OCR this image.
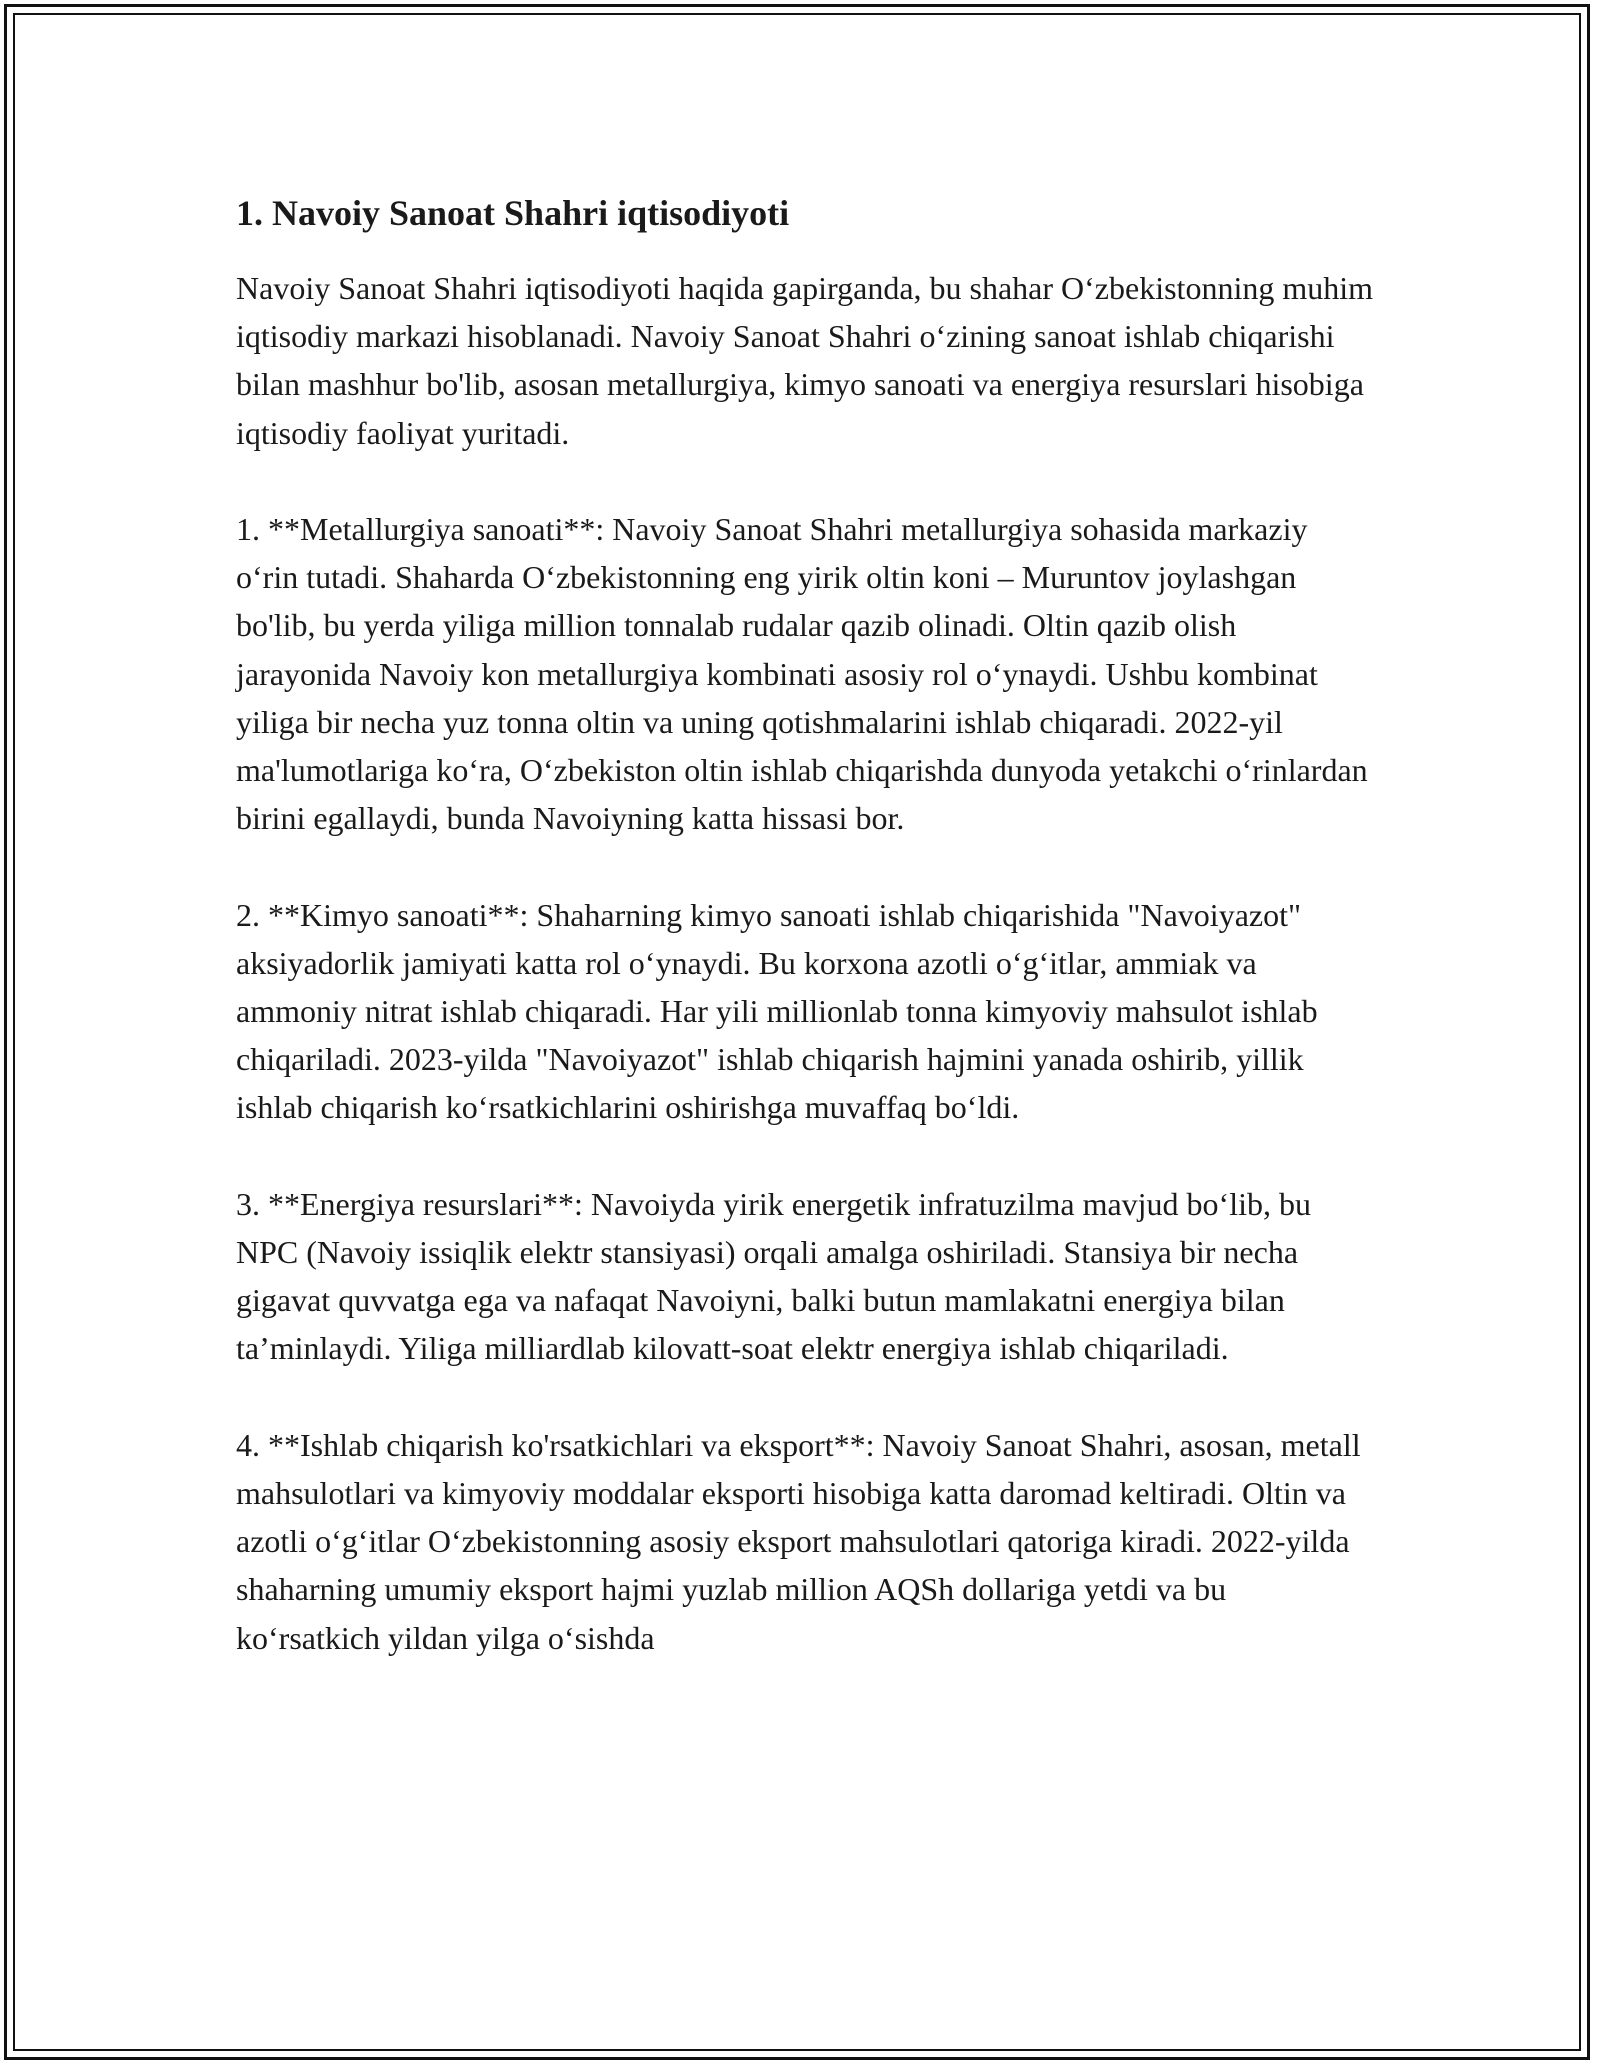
1. Navoiy Sanoat Shahri iqtisodiyoti

Navoiy Sanoat Shahri iqtisodiyoti haqida gapirganda, bu shahar O‘zbekistonning muhim iqtisodiy markazi hisoblanadi. Navoiy Sanoat Shahri o‘zining sanoat ishlab chiqarishi bilan mashhur bo'lib, asosan metallurgiya, kimyo sanoati va energiya resurslari hisobiga iqtisodiy faoliyat yuritadi.

1. **Metallurgiya sanoati**: Navoiy Sanoat Shahri metallurgiya sohasida markaziy o‘rin tutadi. Shaharda O‘zbekistonning eng yirik oltin koni – Muruntov joylashgan bo'lib, bu yerda yiliga million tonnalab rudalar qazib olinadi. Oltin qazib olish jarayonida Navoiy kon metallurgiya kombinati asosiy rol o‘ynaydi. Ushbu kombinat yiliga bir necha yuz tonna oltin va uning qotishmalarini ishlab chiqaradi. 2022-yil ma'lumotlariga ko‘ra, O‘zbekiston oltin ishlab chiqarishda dunyoda yetakchi o‘rinlardan birini egallaydi, bunda Navoiyning katta hissasi bor.

2. **Kimyo sanoati**: Shaharning kimyo sanoati ishlab chiqarishida "Navoiyazot" aksiyadorlik jamiyati katta rol o‘ynaydi. Bu korxona azotli o‘g‘itlar, ammiak va ammoniy nitrat ishlab chiqaradi. Har yili millionlab tonna kimyoviy mahsulot ishlab chiqariladi. 2023-yilda "Navoiyazot" ishlab chiqarish hajmini yanada oshirib, yillik ishlab chiqarish ko‘rsatkichlarini oshirishga muvaffaq bo‘ldi.

3. **Energiya resurslari**: Navoiyda yirik energetik infratuzilma mavjud bo‘lib, bu NPC (Navoiy issiqlik elektr stansiyasi) orqali amalga oshiriladi. Stansiya bir necha gigavat quvvatga ega va nafaqat Navoiyni, balki butun mamlakatni energiya bilan ta’minlaydi. Yiliga milliardlab kilovatt-soat elektr energiya ishlab chiqariladi.

4. **Ishlab chiqarish ko'rsatkichlari va eksport**: Navoiy Sanoat Shahri, asosan, metall mahsulotlari va kimyoviy moddalar eksporti hisobiga katta daromad keltiradi. Oltin va azotli o‘g‘itlar O‘zbekistonning asosiy eksport mahsulotlari qatoriga kiradi. 2022-yilda shaharning umumiy eksport hajmi yuzlab million AQSh dollariga yetdi va bu ko‘rsatkich yildan yilga o‘sishda
